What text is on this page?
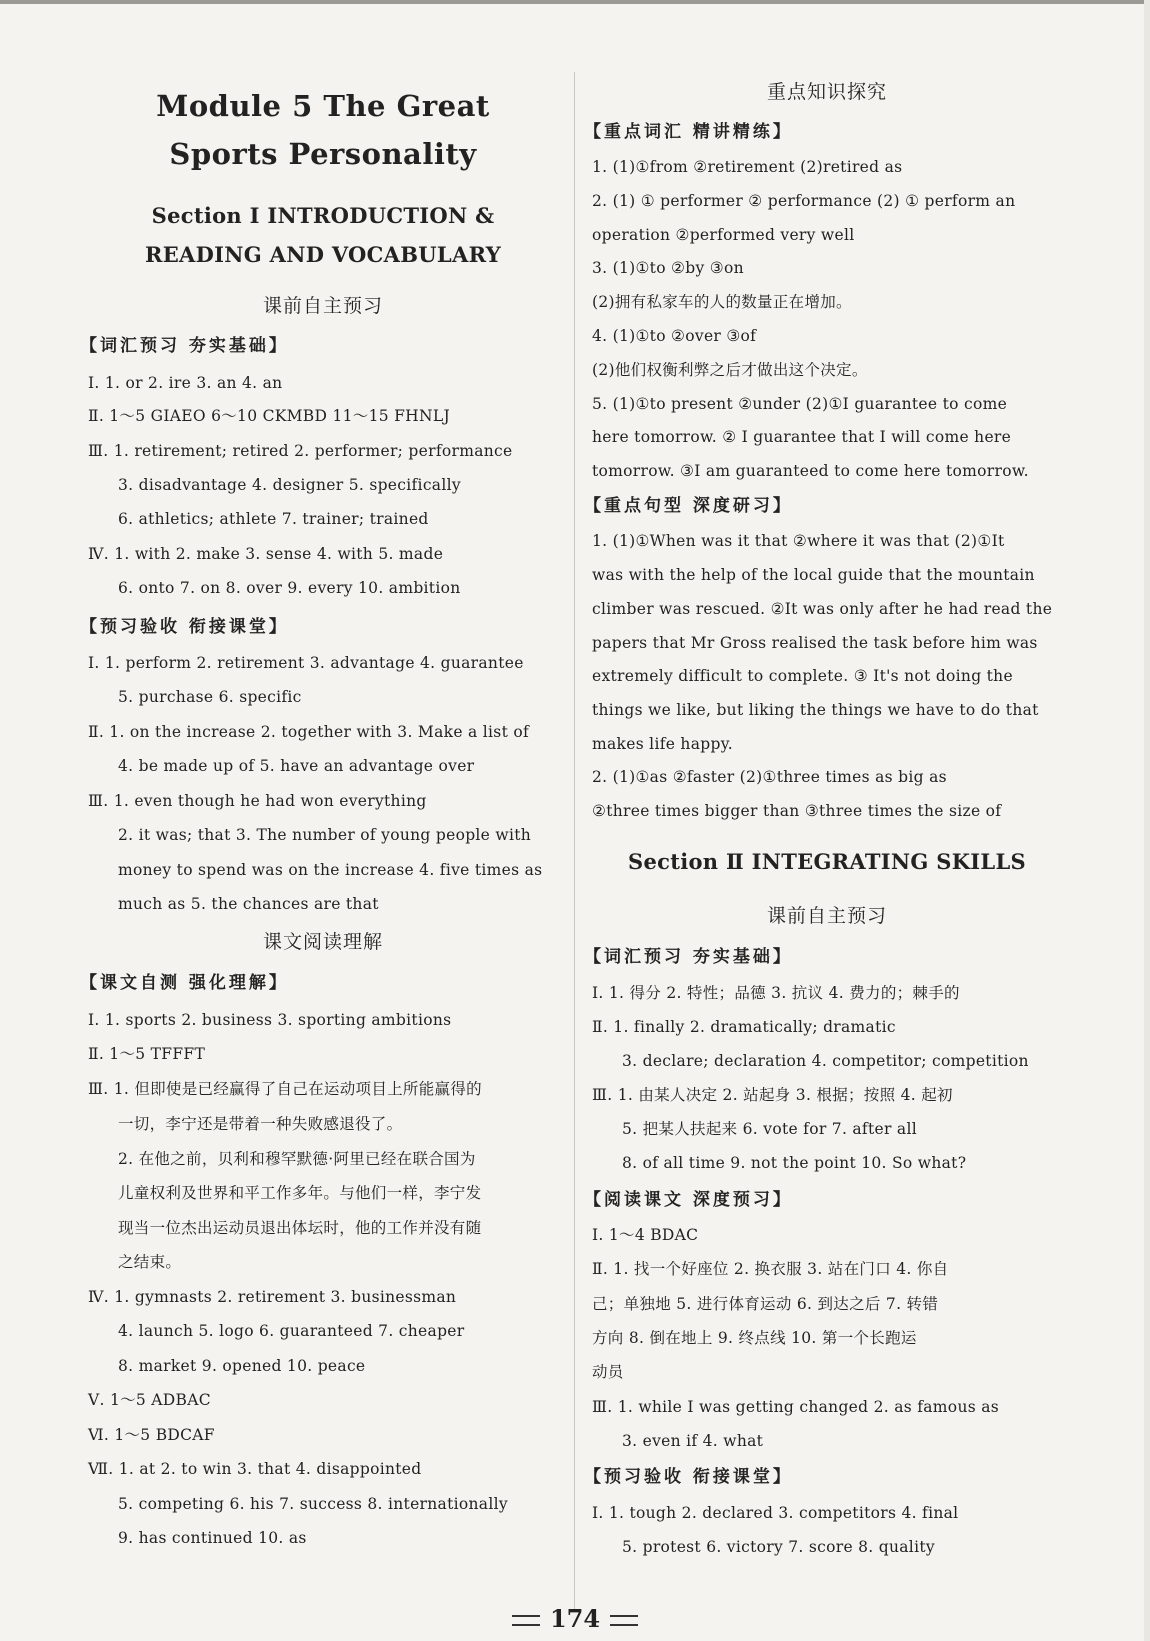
Module 5 The Great
Sports Personality
Section Ⅰ INTRODUCTION &
READING AND VOCABULARY
课前自主预习
【词汇预习 夯实基础】
Ⅰ. 1. or 2. ire 3. an 4. an
Ⅱ. 1～5 GIAEO 6～10 CKMBD 11～15 FHNLJ
Ⅲ. 1. retirement; retired 2. performer; performance
3. disadvantage 4. designer 5. specifically
6. athletics; athlete 7. trainer; trained
Ⅳ. 1. with 2. make 3. sense 4. with 5. made
6. onto 7. on 8. over 9. every 10. ambition
【预习验收 衔接课堂】
Ⅰ. 1. perform 2. retirement 3. advantage 4. guarantee
5. purchase 6. specific
Ⅱ. 1. on the increase 2. together with 3. Make a list of
4. be made up of 5. have an advantage over
Ⅲ. 1. even though he had won everything
2. it was; that 3. The number of young people with
money to spend was on the increase 4. five times as
much as 5. the chances are that
课文阅读理解
【课文自测 强化理解】
Ⅰ. 1. sports 2. business 3. sporting ambitions
Ⅱ. 1～5 TFFFT
Ⅲ. 1. 但即使是已经赢得了自己在运动项目上所能赢得的
一切，李宁还是带着一种失败感退役了。
2. 在他之前，贝利和穆罕默德·阿里已经在联合国为
儿童权利及世界和平工作多年。与他们一样，李宁发
现当一位杰出运动员退出体坛时，他的工作并没有随
之结束。
Ⅳ. 1. gymnasts 2. retirement 3. businessman
4. launch 5. logo 6. guaranteed 7. cheaper
8. market 9. opened 10. peace
Ⅴ. 1～5 ADBAC
Ⅵ. 1～5 BDCAF
Ⅶ. 1. at 2. to win 3. that 4. disappointed
5. competing 6. his 7. success 8. internationally
9. has continued 10. as
重点知识探究
【重点词汇 精讲精练】
1. (1)①from ②retirement (2)retired as
2. (1) ① performer ② performance (2) ① perform an
operation ②performed very well
3. (1)①to ②by ③on
(2)拥有私家车的人的数量正在增加。
4. (1)①to ②over ③of
(2)他们权衡利弊之后才做出这个决定。
5. (1)①to present ②under (2)①I guarantee to come
here tomorrow. ② I guarantee that I will come here
tomorrow. ③I am guaranteed to come here tomorrow.
【重点句型 深度研习】
1. (1)①When was it that ②where it was that (2)①It
was with the help of the local guide that the mountain
climber was rescued. ②It was only after he had read the
papers that Mr Gross realised the task before him was
extremely difficult to complete. ③ It's not doing the
things we like, but liking the things we have to do that
makes life happy.
2. (1)①as ②faster (2)①three times as big as
②three times bigger than ③three times the size of
Section Ⅱ INTEGRATING SKILLS
课前自主预习
【词汇预习 夯实基础】
Ⅰ. 1. 得分 2. 特性；品德 3. 抗议 4. 费力的；棘手的
Ⅱ. 1. finally 2. dramatically; dramatic
3. declare; declaration 4. competitor; competition
Ⅲ. 1. 由某人决定 2. 站起身 3. 根据；按照 4. 起初
5. 把某人扶起来 6. vote for 7. after all
8. of all time 9. not the point 10. So what?
【阅读课文 深度预习】
Ⅰ. 1～4 BDAC
Ⅱ. 1. 找一个好座位 2. 换衣服 3. 站在门口 4. 你自
己；单独地 5. 进行体育运动 6. 到达之后 7. 转错
方向 8. 倒在地上 9. 终点线 10. 第一个长跑运
动员
Ⅲ. 1. while I was getting changed 2. as famous as
3. even if 4. what
【预习验收 衔接课堂】
Ⅰ. 1. tough 2. declared 3. competitors 4. final
5. protest 6. victory 7. score 8. quality
174
